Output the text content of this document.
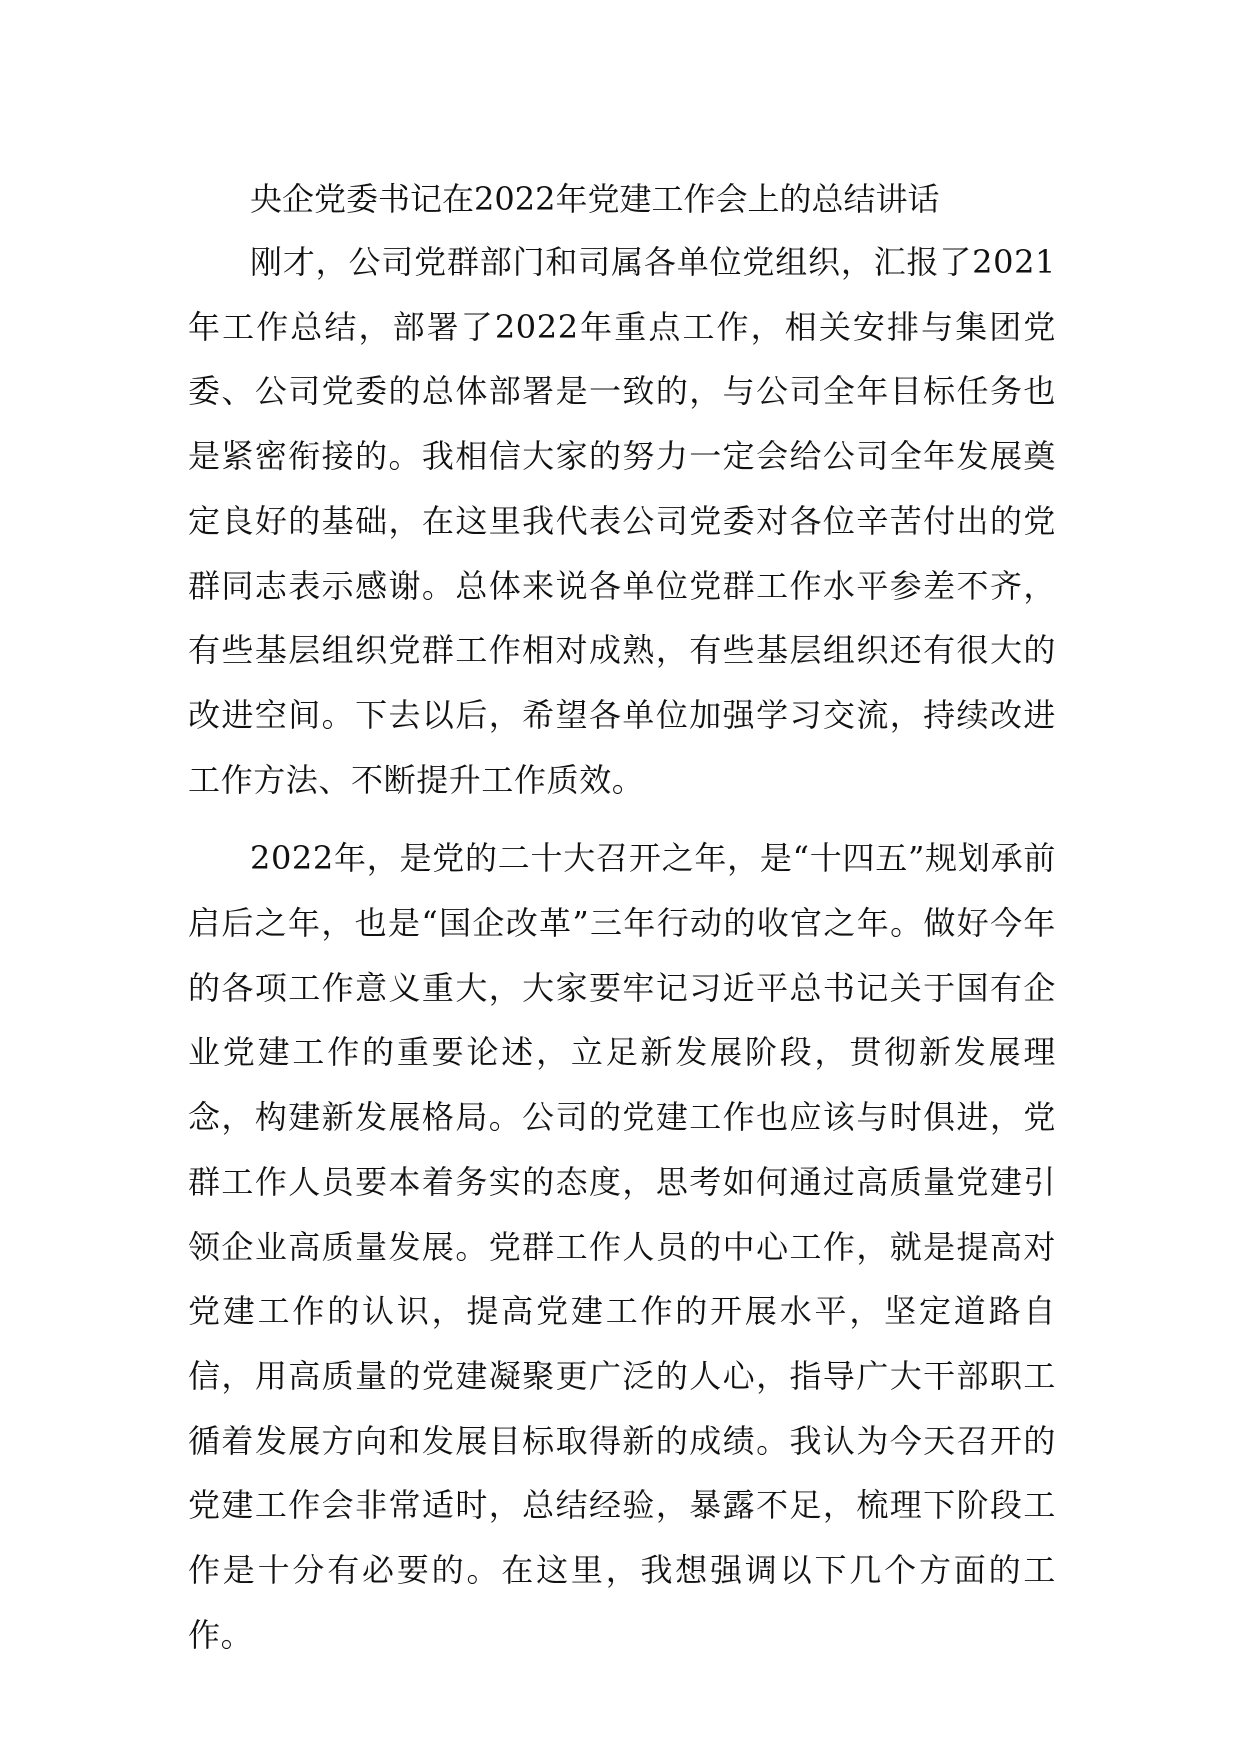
央企党委书记在2022年党建工作会上的总结讲话

刚才，公司党群部门和司属各单位党组织，汇报了2021年工作总结，部署了2022年重点工作，相关安排与集团党委、公司党委的总体部署是一致的，与公司全年目标任务也是紧密衔接的。我相信大家的努力一定会给公司全年发展奠定良好的基础，在这里我代表公司党委对各位辛苦付出的党群同志表示感谢。总体来说各单位党群工作水平参差不齐，有些基层组织党群工作相对成熟，有些基层组织还有很大的改进空间。下去以后，希望各单位加强学习交流，持续改进工作方法、不断提升工作质效。

2022年，是党的二十大召开之年，是“十四五”规划承前启后之年，也是“国企改革”三年行动的收官之年。做好今年的各项工作意义重大，大家要牢记习近平总书记关于国有企业党建工作的重要论述，立足新发展阶段，贯彻新发展理念，构建新发展格局。公司的党建工作也应该与时俱进，党群工作人员要本着务实的态度，思考如何通过高质量党建引领企业高质量发展。党群工作人员的中心工作，就是提高对党建工作的认识，提高党建工作的开展水平，坚定道路自信，用高质量的党建凝聚更广泛的人心，指导广大干部职工循着发展方向和发展目标取得新的成绩。我认为今天召开的党建工作会非常适时，总结经验，暴露不足，梳理下阶段工作是十分有必要的。在这里，我想强调以下几个方面的工作。
